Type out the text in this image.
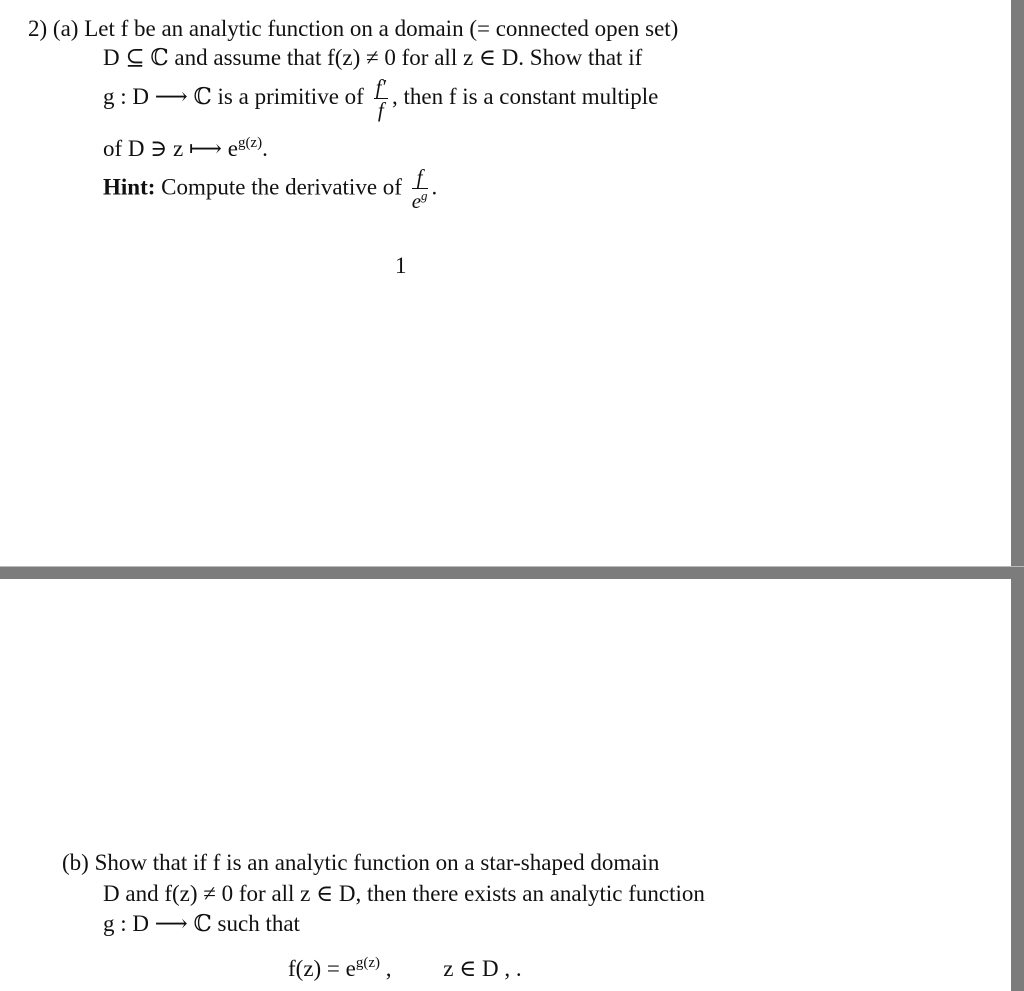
2) (a) Let f be an analytic function on a domain (= connected open set)
D ⊆ ℂ and assume that f(z) ≠ 0 for all z ∈ D. Show that if
g : D ⟶ ℂ is a primitive of $\frac{f'}{f}$ , then f is a constant multiple
of D ∋ z ⟼ $e^{g(z)}$.
Hint: Compute the derivative of $\frac{f}{e^g}$ .
1
(b) Show that if f is an analytic function on a star-shaped domain
D and f(z) ≠ 0 for all z ∈ D, then there exists an analytic function
g : D ⟶ ℂ such that
$f(z) = e^{g(z)}$ , z ∈ D , .
